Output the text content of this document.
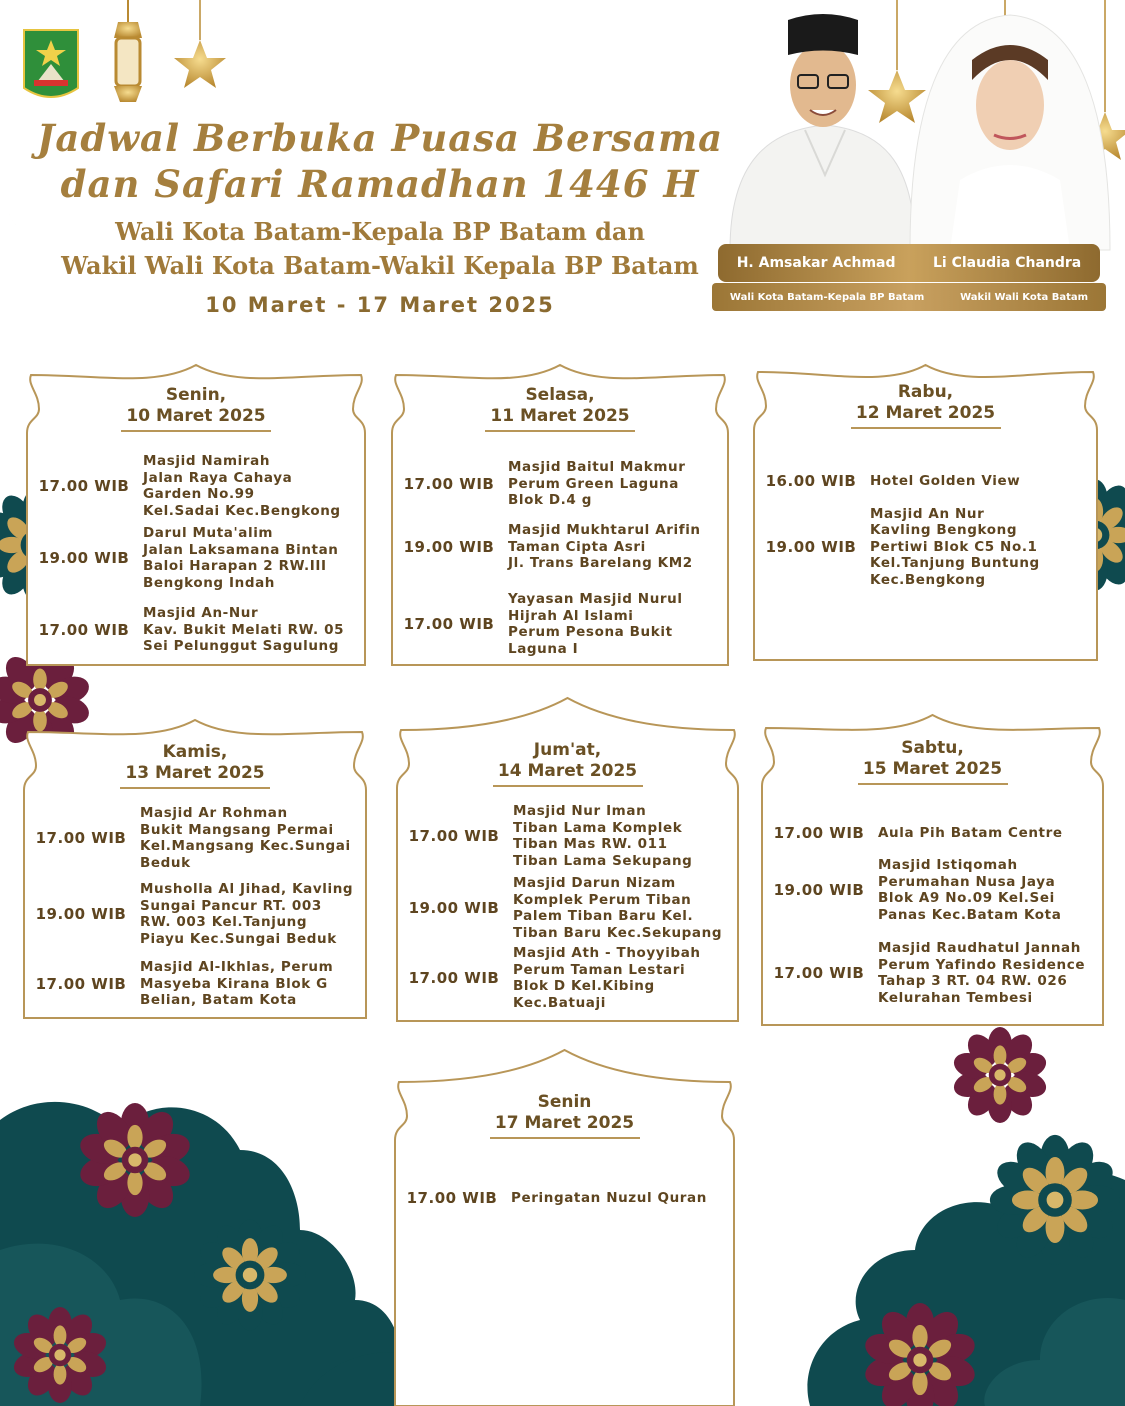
Jadwal Berbuka Puasa Bersama
dan Safari Ramadhan 1446 H
Wali Kota Batam-Kepala BP Batam dan
Wakil Wali Kota Batam-Wakil Kepala BP Batam
10 Maret - 17 Maret 2025
H. Amsakar Achmad	Li Claudia Chandra
Wali Kota Batam-Kepala BP Batam	Wakil Wali Kota Batam
Senin,
10 Maret 2025
17.00 WIB
Masjid Namirah
Jalan Raya Cahaya
Garden No.99
Kel.Sadai Kec.Bengkong
19.00 WIB
Darul Muta'alim
Jalan Laksamana Bintan
Baloi Harapan 2 RW.III
Bengkong Indah
17.00 WIB
Masjid An-Nur
Kav. Bukit Melati RW. 05
Sei Pelunggut Sagulung
Selasa,
11 Maret 2025
17.00 WIB
Masjid Baitul Makmur
Perum Green Laguna
Blok D.4 g
19.00 WIB
Masjid Mukhtarul Arifin
Taman Cipta Asri
Jl. Trans Barelang KM2
17.00 WIB
Yayasan Masjid Nurul
Hijrah Al Islami
Perum Pesona Bukit
Laguna I
Rabu,
12 Maret 2025
16.00 WIB	Hotel Golden View
19.00 WIB
Masjid An Nur
Kavling Bengkong
Pertiwi Blok C5 No.1
Kel.Tanjung Buntung
Kec.Bengkong
Kamis,
13 Maret 2025
17.00 WIB
Masjid Ar Rohman
Bukit Mangsang Permai
Kel.Mangsang Kec.Sungai
Beduk
19.00 WIB
Musholla Al Jihad, Kavling
Sungai Pancur RT. 003
RW. 003 Kel.Tanjung
Piayu Kec.Sungai Beduk
17.00 WIB
Masjid Al-Ikhlas, Perum
Masyeba Kirana Blok G
Belian, Batam Kota
Jum'at,
14 Maret 2025
17.00 WIB
Masjid Nur Iman
Tiban Lama Komplek
Tiban Mas RW. 011
Tiban Lama Sekupang
19.00 WIB
Masjid Darun Nizam
Komplek Perum Tiban
Palem Tiban Baru Kel.
Tiban Baru Kec.Sekupang
17.00 WIB
Masjid Ath - Thoyyibah
Perum Taman Lestari
Blok D Kel.Kibing
Kec.Batuaji
Sabtu,
15 Maret 2025
17.00 WIB	Aula Pih Batam Centre
19.00 WIB
Masjid Istiqomah
Perumahan Nusa Jaya
Blok A9 No.09 Kel.Sei
Panas Kec.Batam Kota
17.00 WIB
Masjid Raudhatul Jannah
Perum Yafindo Residence
Tahap 3 RT. 04 RW. 026
Kelurahan Tembesi
Senin
17 Maret 2025
17.00 WIB	Peringatan Nuzul Quran
